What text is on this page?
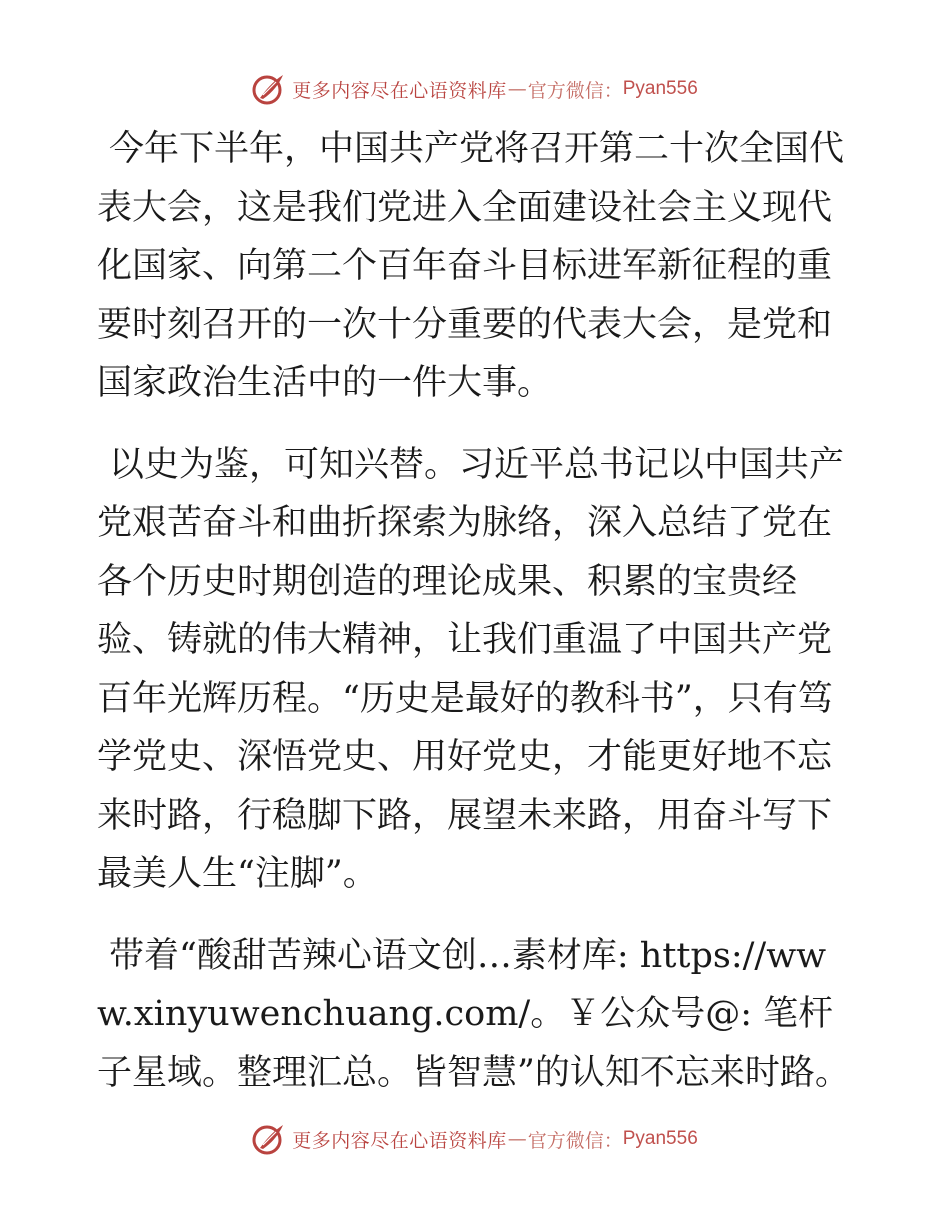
更多内容尽在心语资料库 — 官方微信： Pyan556

今年下半年，中国共产党将召开第二十次全国代表大会，这是我们党进入全面建设社会主义现代化国家、向第二个百年奋斗目标进军新征程的重要时刻召开的一次十分重要的代表大会，是党和国家政治生活中的一件大事。

以史为鉴，可知兴替。习近平总书记以中国共产党艰苦奋斗和曲折探索为脉络，深入总结了党在各个历史时期创造的理论成果、积累的宝贵经验、铸就的伟大精神，让我们重温了中国共产党百年光辉历程。“历史是最好的教科书”，只有笃学党史、深悟党史、用好党史，才能更好地不忘来时路，行稳脚下路，展望未来路，用奋斗写下最美人生“注脚”。

带着“酸甜苦辣心语文创…素材库: https://www.xinyuwenchuang.com/。￥公众号@: 笔杆子星域。整理汇总。皆智慧”的认知不忘来时路。

更多内容尽在心语资料库 — 官方微信： Pyan556
